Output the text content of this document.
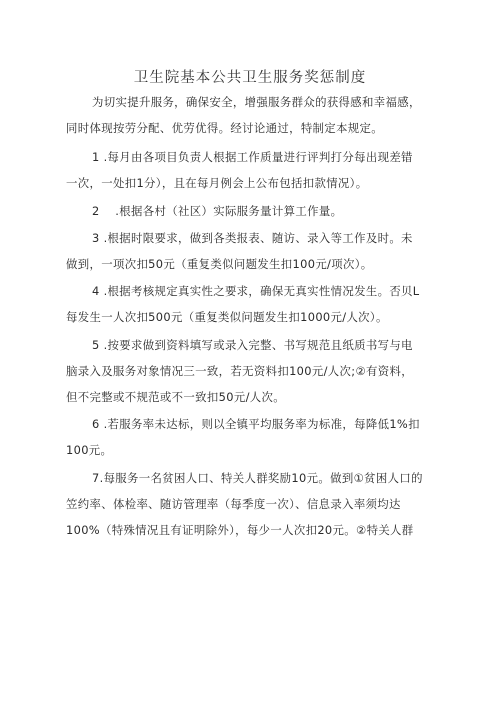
卫生院基本公共卫生服务奖惩制度
为切实提升服务，确保安全，增强服务群众的获得感和幸福感，
同时体现按劳分配、优劳优得。经讨论通过，特制定本规定。
1 .每月由各项目负责人根据工作质量进行评判打分每出现差错
一次，一处扣1分），且在每月例会上公布包括扣款情况）。
2　 .根据各村（社区）实际服务量计算工作量。
3 .根据时限要求，做到各类报表、随访、录入等工作及时。未
做到，一项次扣50元（重复类似问题发生扣100元/项次）。
4 .根据考核规定真实性之要求，确保无真实性情况发生。否贝L
每发生一人次扣500元（重复类似问题发生扣1000元/人次）。
5 .按要求做到资料填写或录入完整、书写规范且纸质书写与电
脑录入及服务对象情况三一致，若无资料扣100元/人次;②有资料，
但不完整或不规范或不一致扣50元/人次。
6 .若服务率未达标，则以全镇平均服务率为标准，每降低1%扣
100元。
7.每服务一名贫困人口、特关人群奖励10元。做到①贫困人口的
笠约率、体检率、随访管理率（每季度一次）、信息录入率须均达
100%（特殊情况且有证明除外），每少一人次扣20元。②特关人群
